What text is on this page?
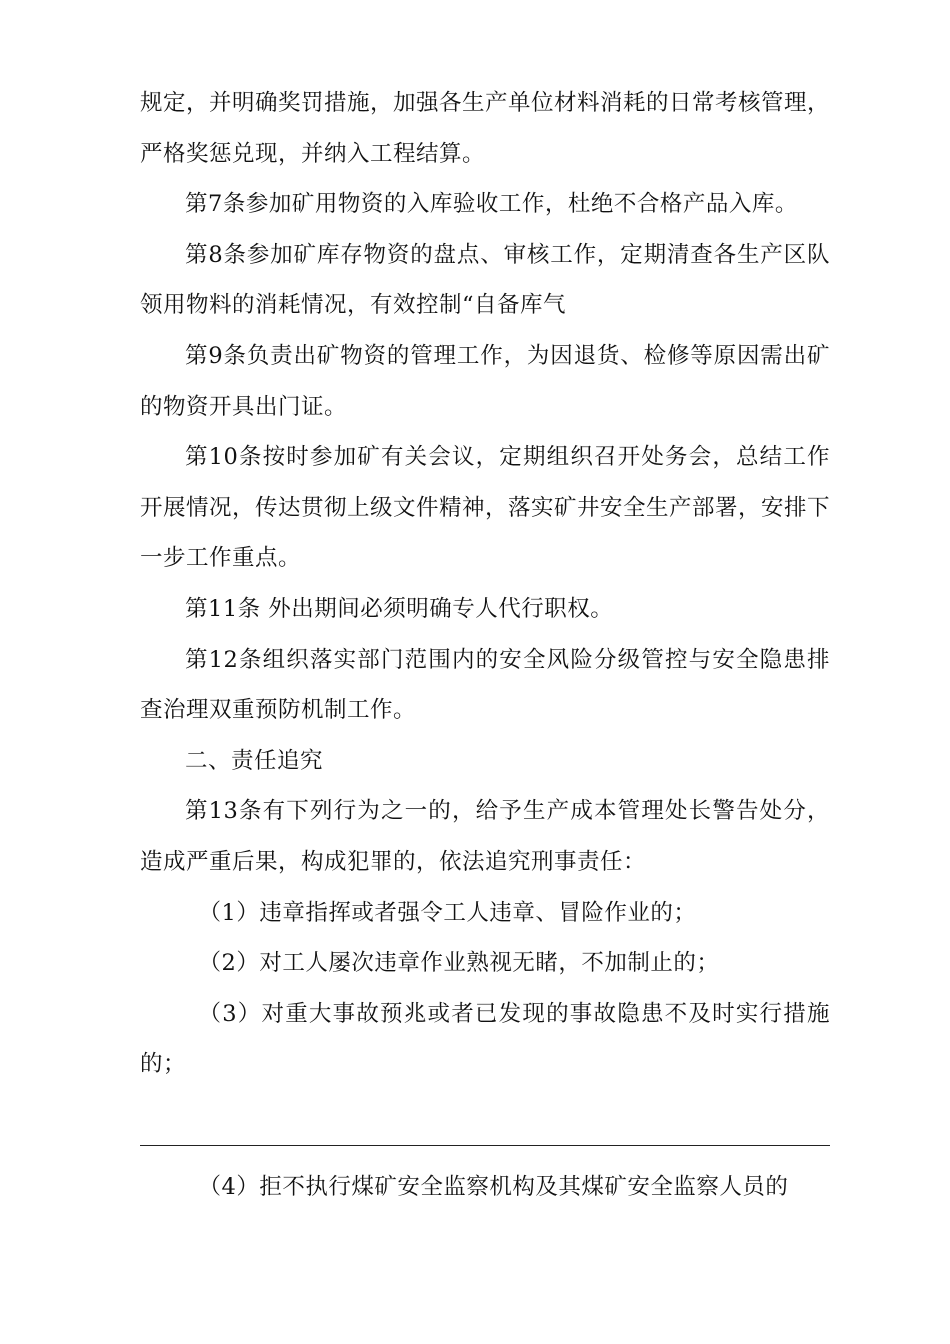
规定，并明确奖罚措施，加强各生产单位材料消耗的日常考核管理，严格奖惩兑现，并纳入工程结算。

第7条参加矿用物资的入库验收工作，杜绝不合格产品入库。

第8条参加矿库存物资的盘点、审核工作，定期清查各生产区队领用物料的消耗情况，有效控制“自备库气

第9条负责出矿物资的管理工作，为因退货、检修等原因需出矿的物资开具出门证。

第10条按时参加矿有关会议，定期组织召开处务会，总结工作开展情况，传达贯彻上级文件精神，落实矿井安全生产部署，安排下一步工作重点。

第11条 外出期间必须明确专人代行职权。

第12条组织落实部门范围内的安全风险分级管控与安全隐患排查治理双重预防机制工作。

二、责任追究

第13条有下列行为之一的，给予生产成本管理处长警告处分，造成严重后果，构成犯罪的，依法追究刑事责任：

（1）违章指挥或者强令工人违章、冒险作业的；

（2）对工人屡次违章作业熟视无睹，不加制止的；

（3）对重大事故预兆或者已发现的事故隐患不及时实行措施的；

（4）拒不执行煤矿安全监察机构及其煤矿安全监察人员的
